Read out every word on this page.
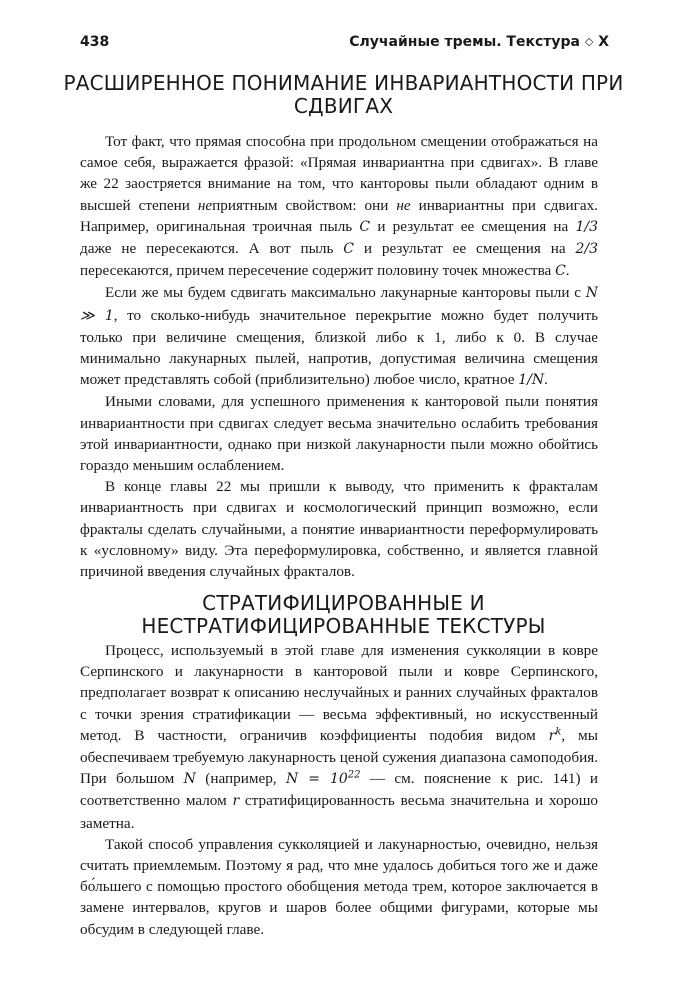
438	Случайные тремы. Текстура ◇ X
РАСШИРЕННОЕ ПОНИМАНИЕ ИНВАРИАНТНОСТИ ПРИ СДВИГАХ

Тот факт, что прямая способна при продольном смещении отображаться на самое себя, выражается фразой: «Прямая инвариантна при сдвигах». В главе же 22 заостряется внимание на том, что канторовы пыли обладают одним в высшей степени неприятным свойством: они не инвариантны при сдвигах. Например, оригинальная троичная пыль C и результат ее смещения на 1/3 даже не пересекаются. А вот пыль C и результат ее смещения на 2/3 пересекаются, причем пересечение содержит половину точек множества C.

Если же мы будем сдвигать максимально лакунарные канторовы пыли с N ≫ 1, то сколько-нибудь значительное перекрытие можно будет получить только при величине смещения, близкой либо к 1, либо к 0. В случае минимально лакунарных пылей, напротив, допустимая величина смещения может представлять собой (приблизительно) любое число, кратное 1/N.

Иными словами, для успешного применения к канторовой пыли понятия инвариантности при сдвигах следует весьма значительно ослабить требования этой инвариантности, однако при низкой лакунарности пыли можно обойтись гораздо меньшим ослаблением.

В конце главы 22 мы пришли к выводу, что применить к фракталам инвариантность при сдвигах и космологический принцип возможно, если фракталы сделать случайными, а понятие инвариантности переформулировать к «условному» виду. Эта переформулировка, собственно, и является главной причиной введения случайных фракталов.

СТРАТИФИЦИРОВАННЫЕ И НЕСТРАТИФИЦИРОВАННЫЕ ТЕКСТУРЫ

Процесс, используемый в этой главе для изменения сукколяции в ковре Серпинского и лакунарности в канторовой пыли и ковре Серпинского, предполагает возврат к описанию неслучайных и ранних случайных фракталов с точки зрения стратификации — весьма эффективный, но искусственный метод. В частности, ограничив коэффициенты подобия видом $r^k$, мы обеспечиваем требуемую лакунарность ценой сужения диапазона самоподобия. При большом N (например, $N = 10^{22}$ — см. пояснение к рис. 141) и соответственно малом r стратифицированность весьма значительна и хорошо заметна.

Такой способ управления сукколяцией и лакунарностью, очевидно, нельзя считать приемлемым. Поэтому я рад, что мне удалось добиться того же и даже бо́льшего с помощью простого обобщения метода трем, которое заключается в замене интервалов, кругов и шаров более общими фигурами, которые мы обсудим в следующей главе.
